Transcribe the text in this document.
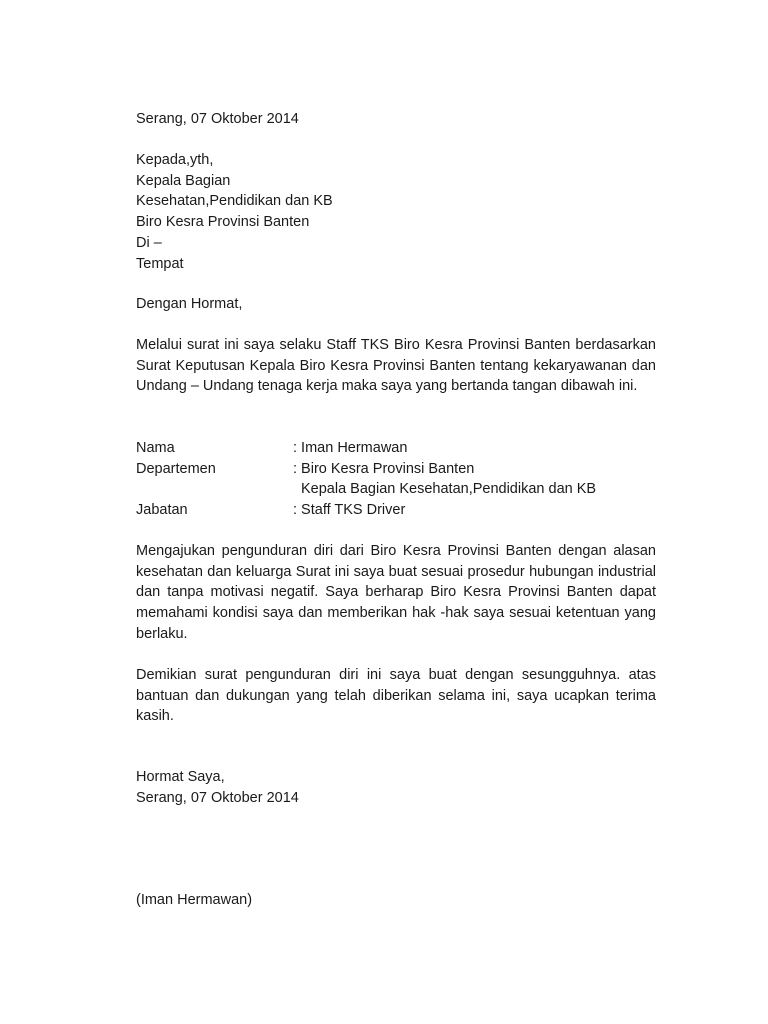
Serang, 07 Oktober 2014
Kepada,yth,
Kepala Bagian
Kesehatan,Pendidikan dan KB
Biro Kesra Provinsi Banten
Di –
Tempat
Dengan Hormat,
Melalui surat ini saya selaku Staff TKS Biro Kesra Provinsi Banten berdasarkan Surat Keputusan Kepala Biro Kesra Provinsi Banten tentang kekaryawanan dan Undang – Undang tenaga kerja maka saya yang bertanda tangan dibawah ini.
Nama	: Iman Hermawan
Departemen	: Biro Kesra Provinsi Banten
Kepala Bagian Kesehatan,Pendidikan dan KB
Jabatan	: Staff TKS Driver
Mengajukan pengunduran diri dari Biro Kesra Provinsi Banten dengan alasan kesehatan dan keluarga Surat ini saya buat sesuai prosedur hubungan industrial dan tanpa motivasi negatif. Saya berharap Biro Kesra Provinsi Banten dapat memahami kondisi saya dan memberikan hak -hak saya sesuai ketentuan yang berlaku.
Demikian surat pengunduran diri ini saya buat dengan sesungguhnya. atas bantuan dan dukungan yang telah diberikan selama ini, saya ucapkan terima kasih.
Hormat Saya,
Serang, 07 Oktober 2014
(Iman Hermawan)
